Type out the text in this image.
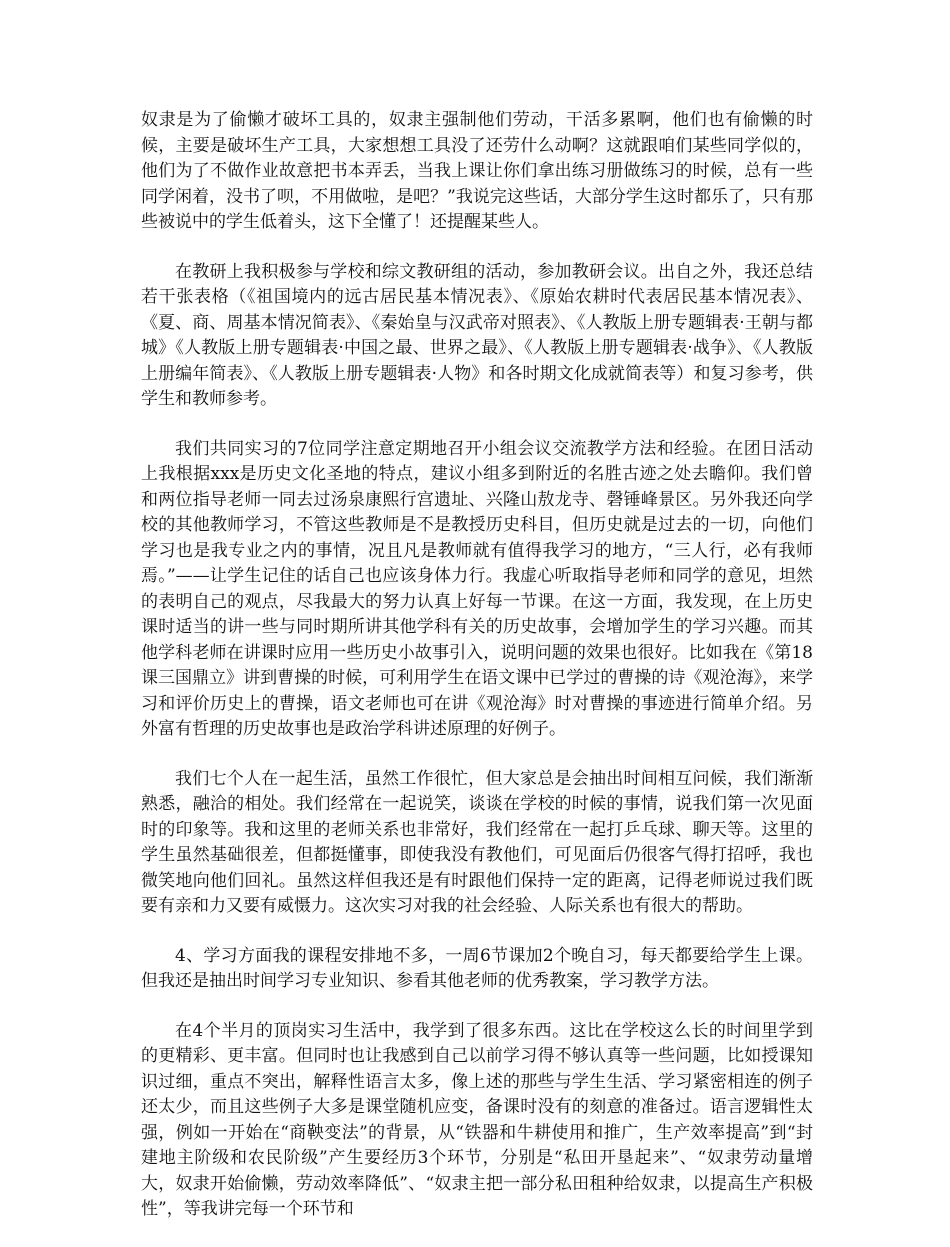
奴隶是为了偷懒才破坏工具的，奴隶主强制他们劳动，干活多累啊，他们也有偷懒的时候，主要是破坏生产工具，大家想想工具没了还劳什么动啊？这就跟咱们某些同学似的，他们为了不做作业故意把书本弄丢，当我上课让你们拿出练习册做练习的时候，总有一些同学闲着，没书了呗，不用做啦，是吧？”我说完这些话，大部分学生这时都乐了，只有那些被说中的学生低着头，这下全懂了！还提醒某些人。

在教研上我积极参与学校和综文教研组的活动，参加教研会议。出自之外，我还总结若干张表格（《祖国境内的远古居民基本情况表》、《原始农耕时代表居民基本情况表》、《夏、商、周基本情况简表》、《秦始皇与汉武帝对照表》、《人教版上册专题辑表·王朝与都城》《人教版上册专题辑表·中国之最、世界之最》、《人教版上册专题辑表·战争》、《人教版上册编年简表》、《人教版上册专题辑表·人物》和各时期文化成就简表等）和复习参考，供学生和教师参考。

我们共同实习的7位同学注意定期地召开小组会议交流教学方法和经验。在团日活动上我根据xxx是历史文化圣地的特点，建议小组多到附近的名胜古迹之处去瞻仰。我们曾和两位指导老师一同去过汤泉康熙行宫遗址、兴隆山敖龙寺、磬锤峰景区。另外我还向学校的其他教师学习，不管这些教师是不是教授历史科目，但历史就是过去的一切，向他们学习也是我专业之内的事情，况且凡是教师就有值得我学习的地方，“三人行，必有我师焉。”——让学生记住的话自己也应该身体力行。我虚心听取指导老师和同学的意见，坦然的表明自己的观点，尽我最大的努力认真上好每一节课。在这一方面，我发现，在上历史课时适当的讲一些与同时期所讲其他学科有关的历史故事，会增加学生的学习兴趣。而其他学科老师在讲课时应用一些历史小故事引入，说明问题的效果也很好。比如我在《第18课三国鼎立》讲到曹操的时候，可利用学生在语文课中已学过的曹操的诗《观沧海》，来学习和评价历史上的曹操，语文老师也可在讲《观沧海》时对曹操的事迹进行简单介绍。另外富有哲理的历史故事也是政治学科讲述原理的好例子。

我们七个人在一起生活，虽然工作很忙，但大家总是会抽出时间相互问候，我们渐渐熟悉，融洽的相处。我们经常在一起说笑，谈谈在学校的时候的事情，说我们第一次见面时的印象等。我和这里的老师关系也非常好，我们经常在一起打乒乓球、聊天等。这里的学生虽然基础很差，但都挺懂事，即使我没有教他们，可见面后仍很客气得打招呼，我也微笑地向他们回礼。虽然这样但我还是有时跟他们保持一定的距离，记得老师说过我们既要有亲和力又要有威慑力。这次实习对我的社会经验、人际关系也有很大的帮助。

4、学习方面我的课程安排地不多，一周6节课加2个晚自习，每天都要给学生上课。但我还是抽出时间学习专业知识、参看其他老师的优秀教案，学习教学方法。

在4个半月的顶岗实习生活中，我学到了很多东西。这比在学校这么长的时间里学到的更精彩、更丰富。但同时也让我感到自己以前学习得不够认真等一些问题，比如授课知识过细，重点不突出，解释性语言太多，像上述的那些与学生生活、学习紧密相连的例子还太少，而且这些例子大多是课堂随机应变，备课时没有的刻意的准备过。语言逻辑性太强，例如一开始在“商鞅变法”的背景，从“铁器和牛耕使用和推广，生产效率提高”到“封建地主阶级和农民阶级”产生要经历3个环节，分别是“私田开垦起来”、“奴隶劳动量增大，奴隶开始偷懒，劳动效率降低”、“奴隶主把一部分私田租种给奴隶，以提高生产积极性”，等我讲完每一个环节和
